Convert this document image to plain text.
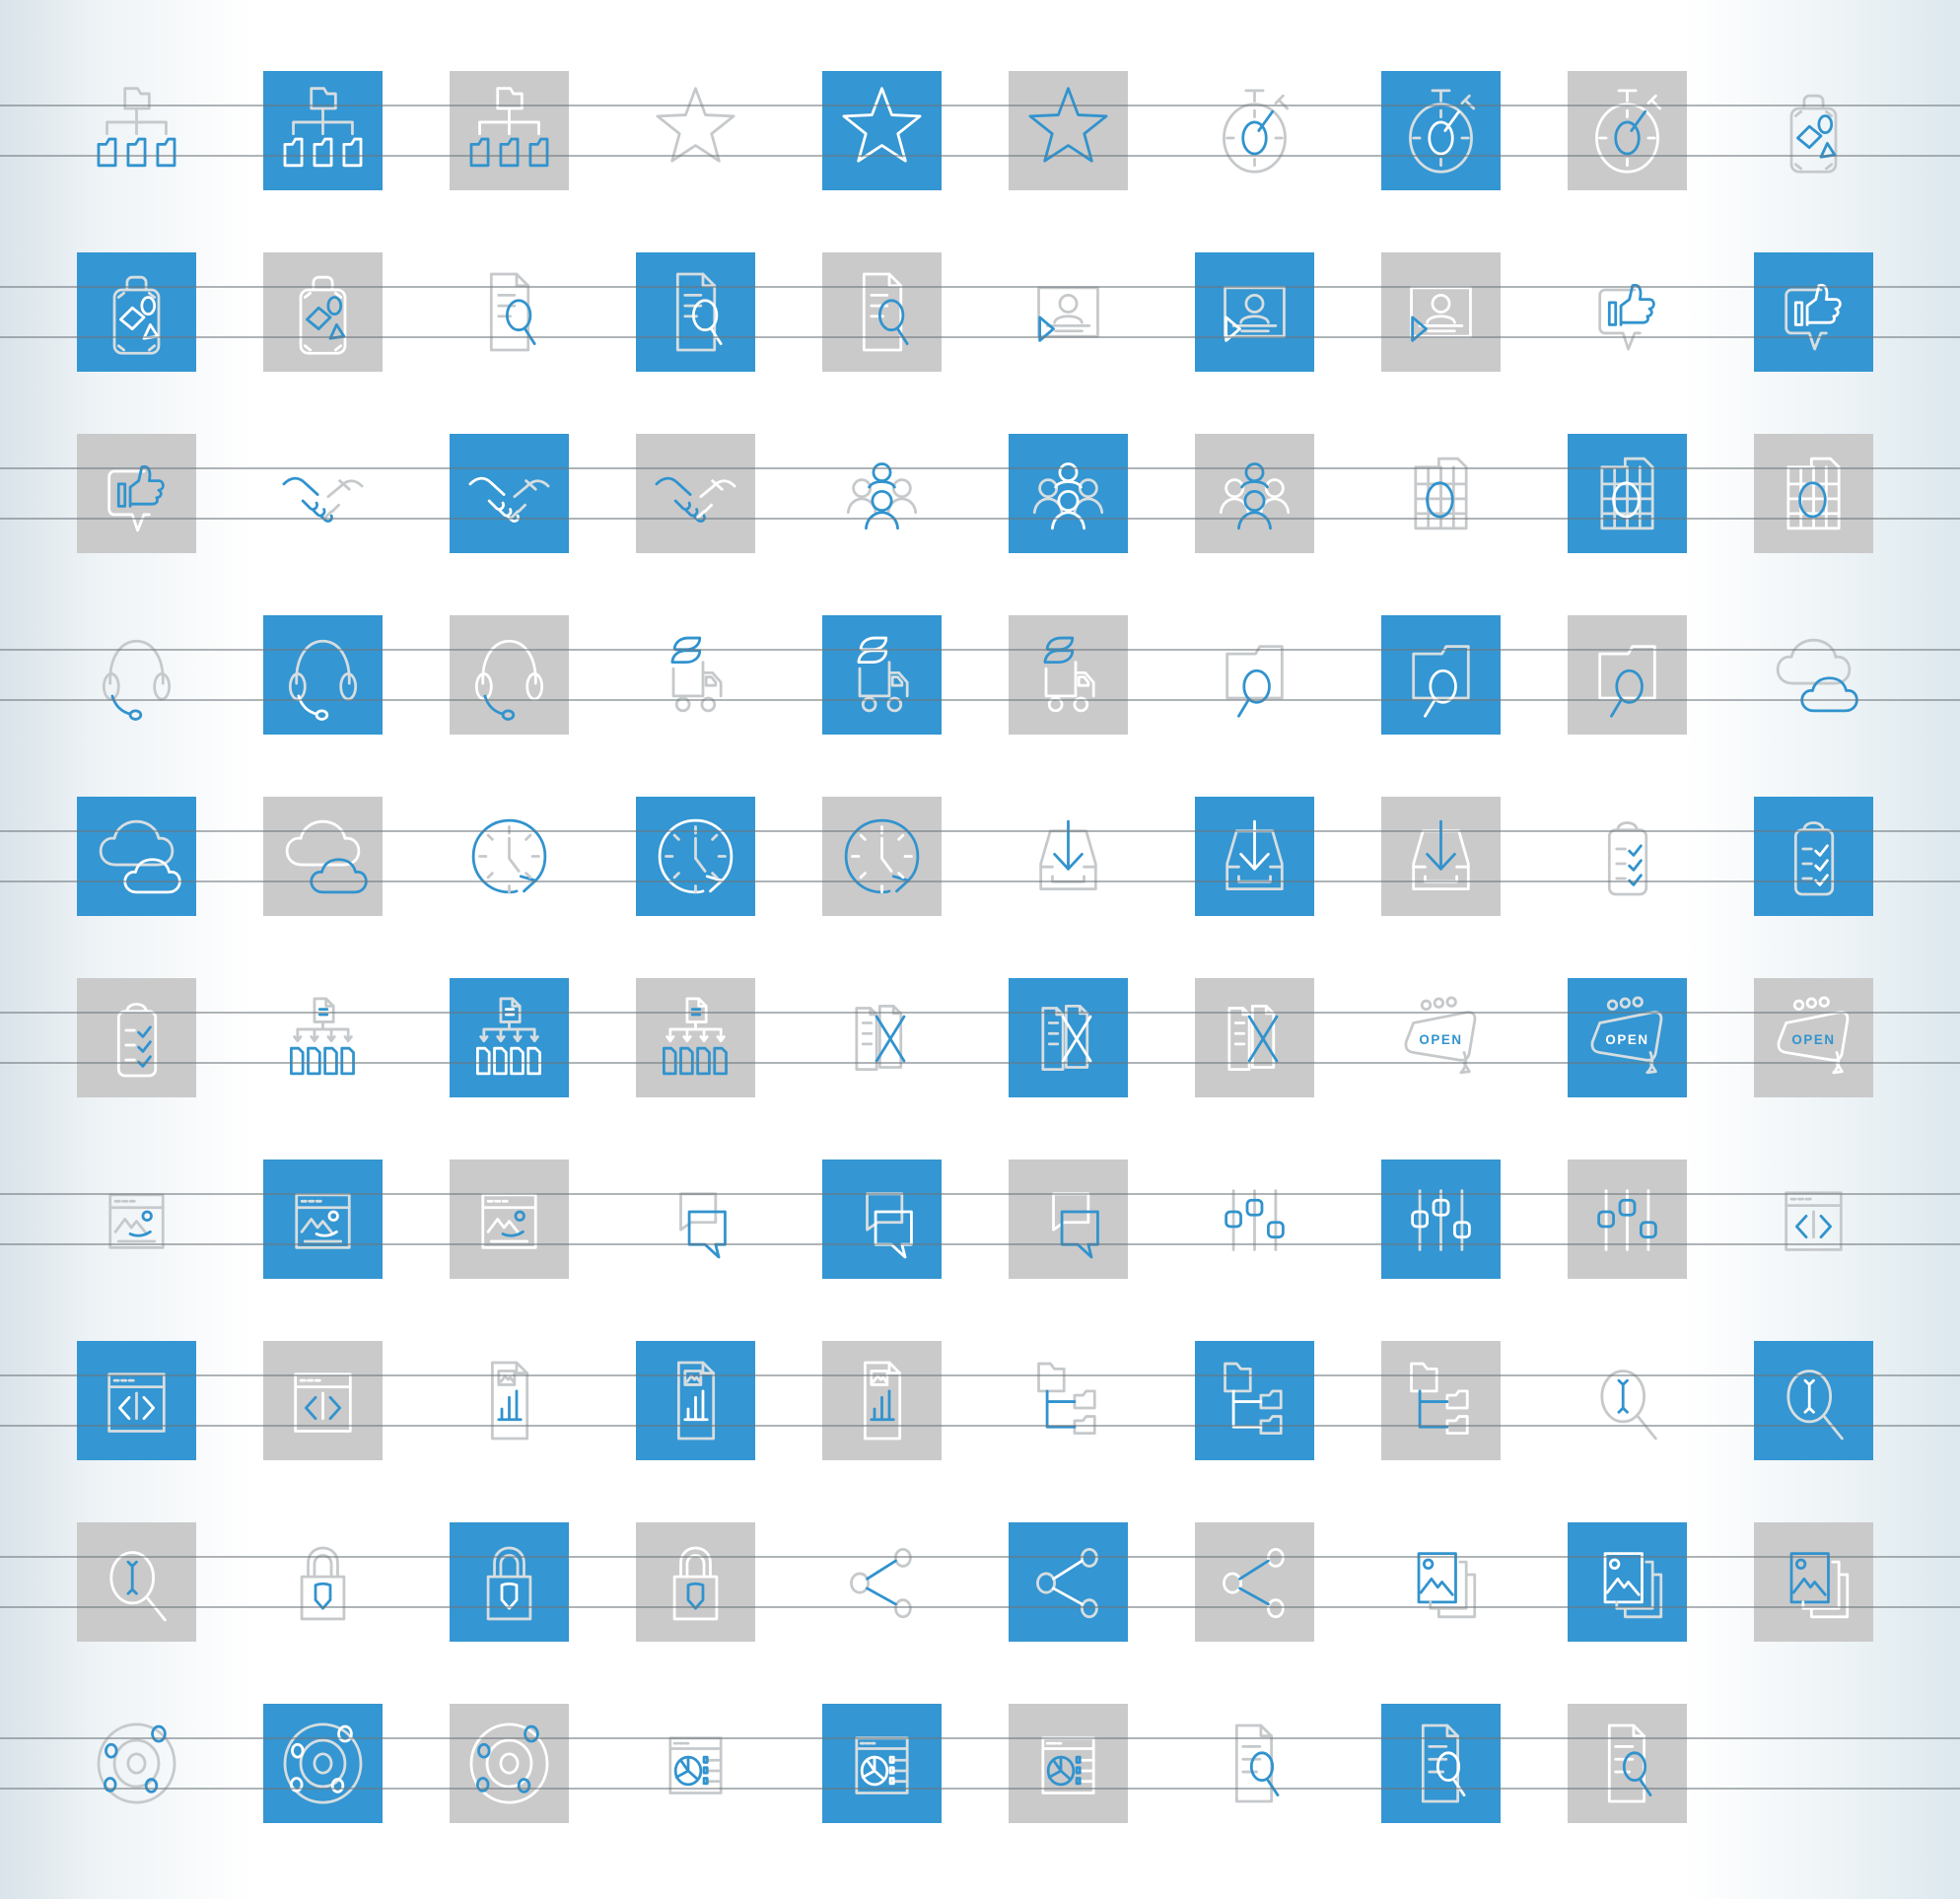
OPEN	OPEN	OPEN
